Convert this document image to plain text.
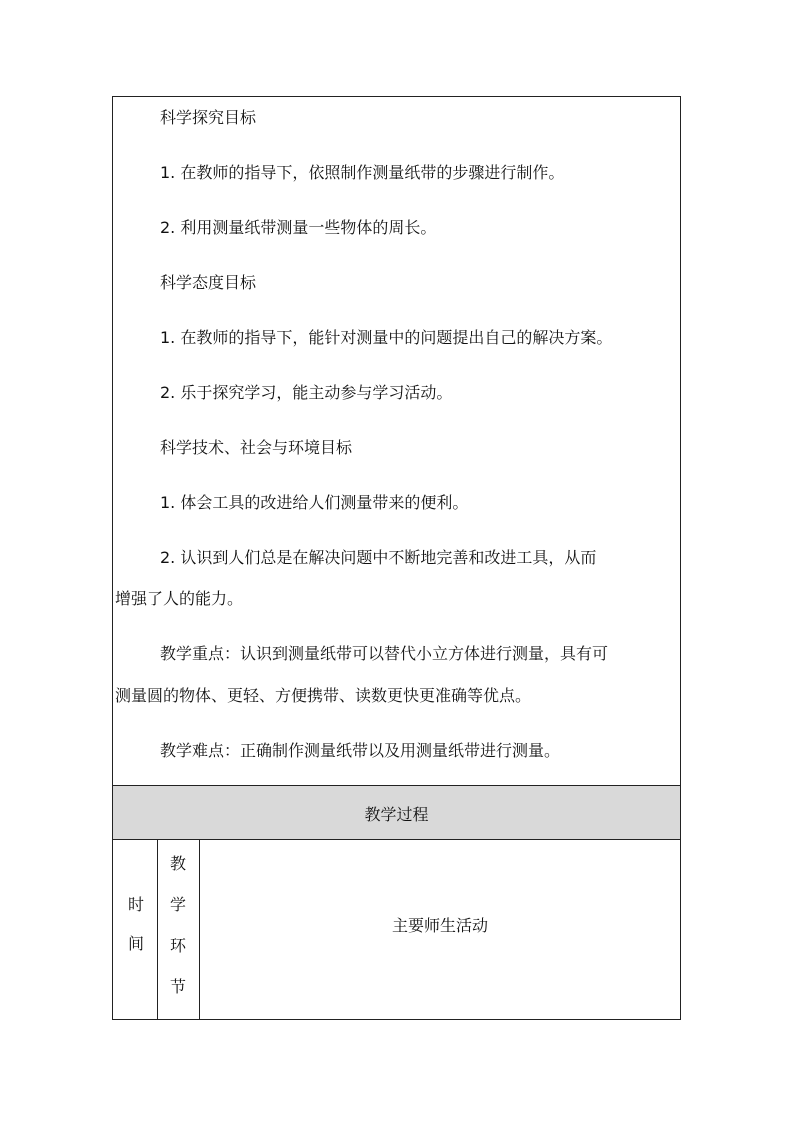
科学探究目标
1. 在教师的指导下，依照制作测量纸带的步骤进行制作。
2. 利用测量纸带测量一些物体的周长。
科学态度目标
1. 在教师的指导下，能针对测量中的问题提出自己的解决方案。
2. 乐于探究学习，能主动参与学习活动。
科学技术、社会与环境目标
1. 体会工具的改进给人们测量带来的便利。
2. 认识到人们总是在解决问题中不断地完善和改进工具，从而
增强了人的能力。
教学重点：认识到测量纸带可以替代小立方体进行测量，具有可
测量圆的物体、更轻、方便携带、读数更快更准确等优点。
教学难点：正确制作测量纸带以及用测量纸带进行测量。
教学过程
时
间
教
学
环
节
主要师生活动
